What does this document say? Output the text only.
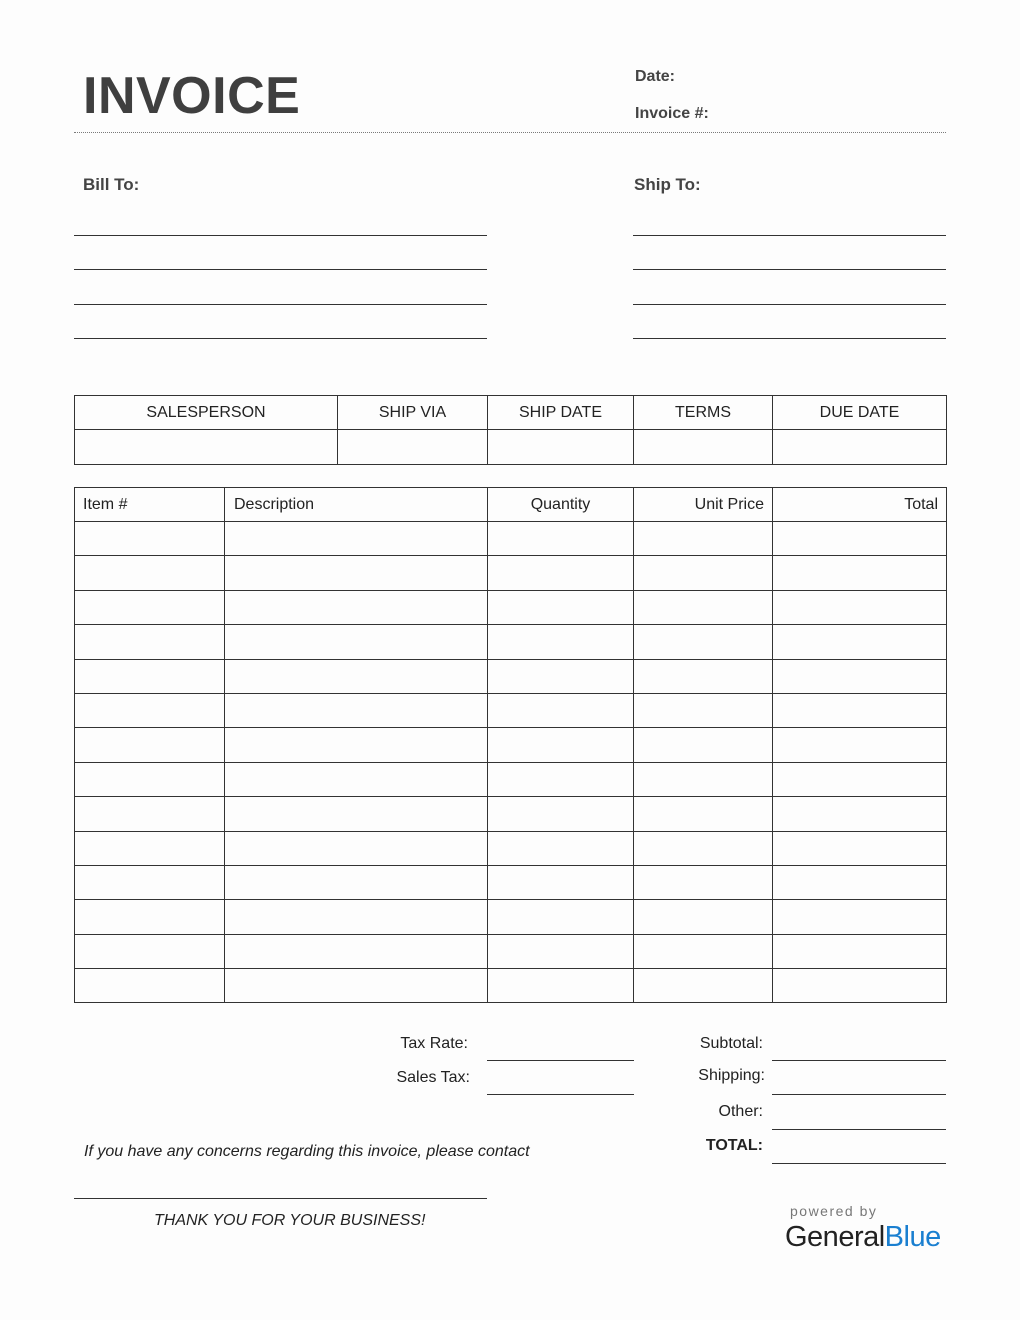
INVOICE	Date:
Invoice #:
Bill To:	Ship To:
SALESPERSON	SHIP VIA	SHIP DATE	TERMS	DUE DATE

Item #	Description	Quantity	Unit Price	Total

Tax Rate:
Sales Tax:
Subtotal:
Shipping:
Other:
TOTAL:
If you have any concerns regarding this invoice, please contact
THANK YOU FOR YOUR BUSINESS!
powered by
GeneralBlue
